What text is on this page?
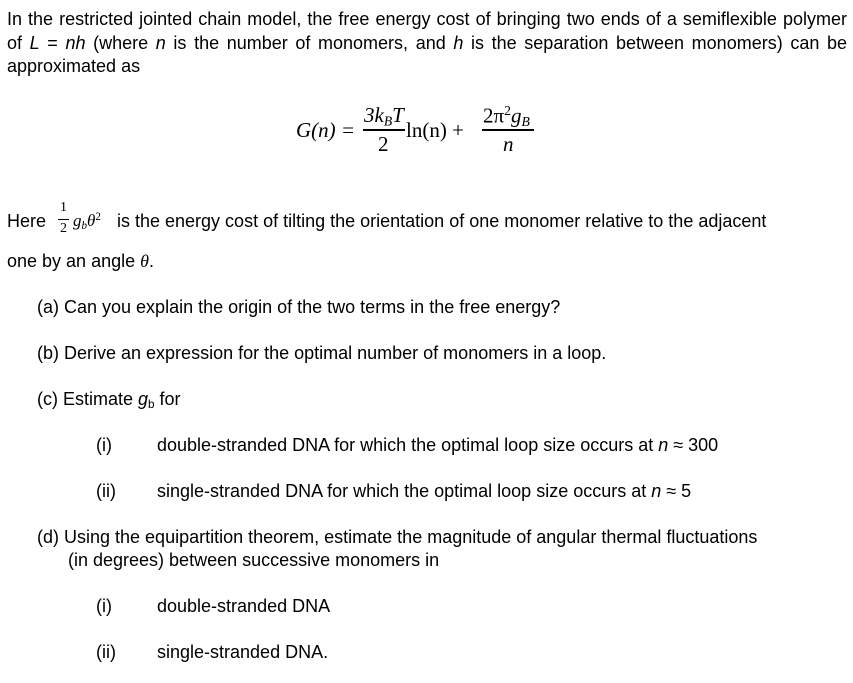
In the restricted jointed chain model, the free energy cost of bringing two ends of a semiflexible polymer of L = nh (where n is the number of monomers, and h is the separation between monomers) can be approximated as
G(n) =
$3k_BT$
2
ln(n) +
$2\pi^2g_B$
n
Here
1
2 $g_b\theta^2$ is the energy cost of tilting the orientation of one monomer relative to the adjacent
one by an angle θ.
(a) Can you explain the origin of the two terms in the free energy?
(b) Derive an expression for the optimal number of monomers in a loop.
(c) Estimate $g_b$ for
(i)	double-stranded DNA for which the optimal loop size occurs at n ≈ 300
(ii) single-stranded DNA for which the optimal loop size occurs at n ≈ 5
(d) Using the equipartition theorem, estimate the magnitude of angular thermal fluctuations
(in degrees) between successive monomers in
(i)	double-stranded DNA
(ii) single-stranded DNA.
